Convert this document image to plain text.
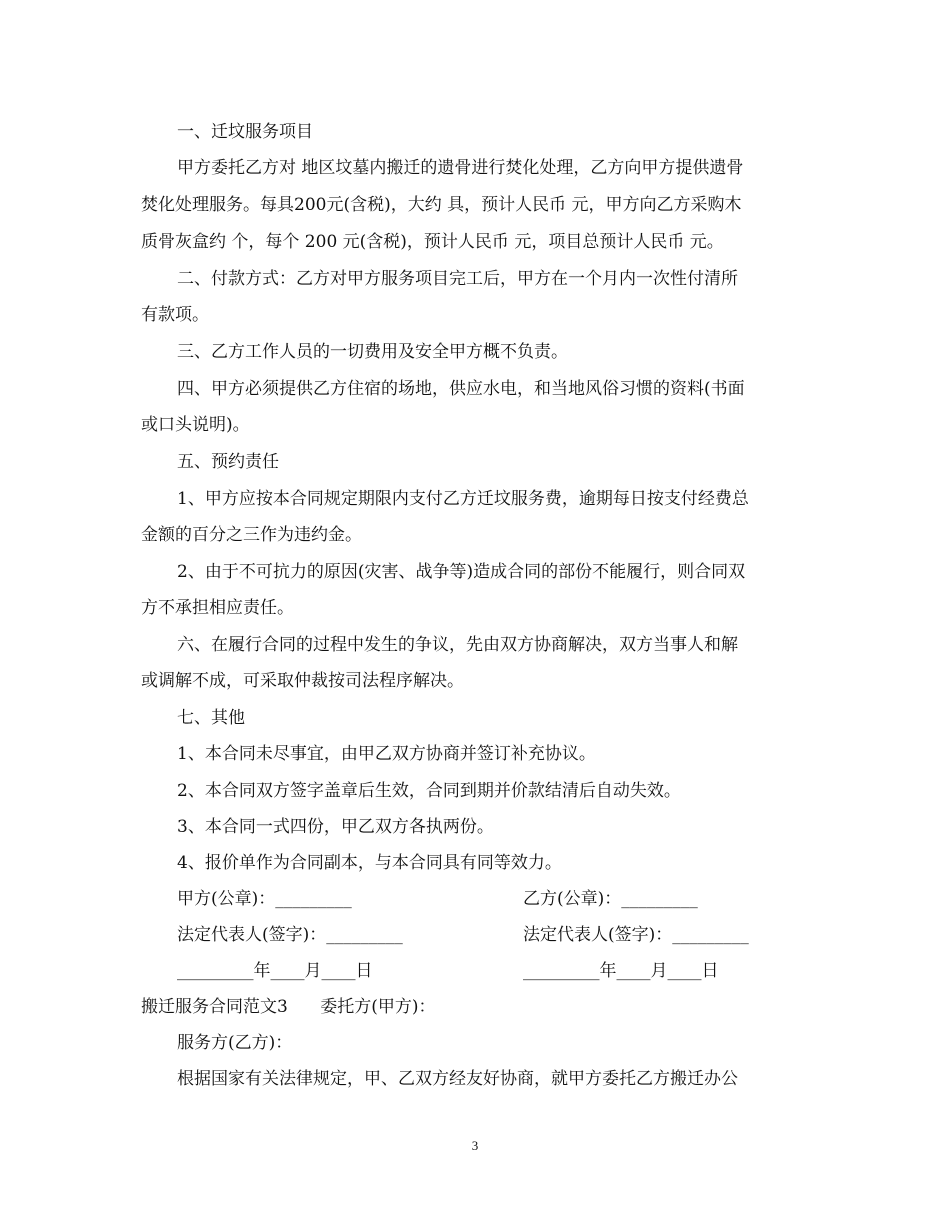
一、迁坟服务项目
甲方委托乙方对 地区坟墓内搬迁的遗骨进行焚化处理，乙方向甲方提供遗骨
焚化处理服务。每具200元(含税)，大约 具，预计人民币 元，甲方向乙方采购木
质骨灰盒约 个，每个 200 元(含税)，预计人民币 元，项目总预计人民币 元。
二、付款方式：乙方对甲方服务项目完工后，甲方在一个月内一次性付清所
有款项。
三、乙方工作人员的一切费用及安全甲方概不负责。
四、甲方必须提供乙方住宿的场地，供应水电，和当地风俗习惯的资料(书面
或口头说明)。
五、预约责任
1、甲方应按本合同规定期限内支付乙方迁坟服务费，逾期每日按支付经费总
金额的百分之三作为违约金。
2、由于不可抗力的原因(灾害、战争等)造成合同的部份不能履行，则合同双
方不承担相应责任。
六、在履行合同的过程中发生的争议，先由双方协商解决，双方当事人和解
或调解不成，可采取仲裁按司法程序解决。
七、其他
1、本合同未尽事宜，由甲乙双方协商并签订补充协议。
2、本合同双方签字盖章后生效，合同到期并价款结清后自动失效。
3、本合同一式四份，甲乙双方各执两份。
4、报价单作为合同副本，与本合同具有同等效力。
甲方(公章)：_________	乙方(公章)：_________
法定代表人(签字)：_________	法定代表人(签字)：_________
_________年____月____日	_________年____月____日
搬迁服务合同范文3      委托方(甲方)：
服务方(乙方)：
根据国家有关法律规定，甲、乙双方经友好协商，就甲方委托乙方搬迁办公
3
